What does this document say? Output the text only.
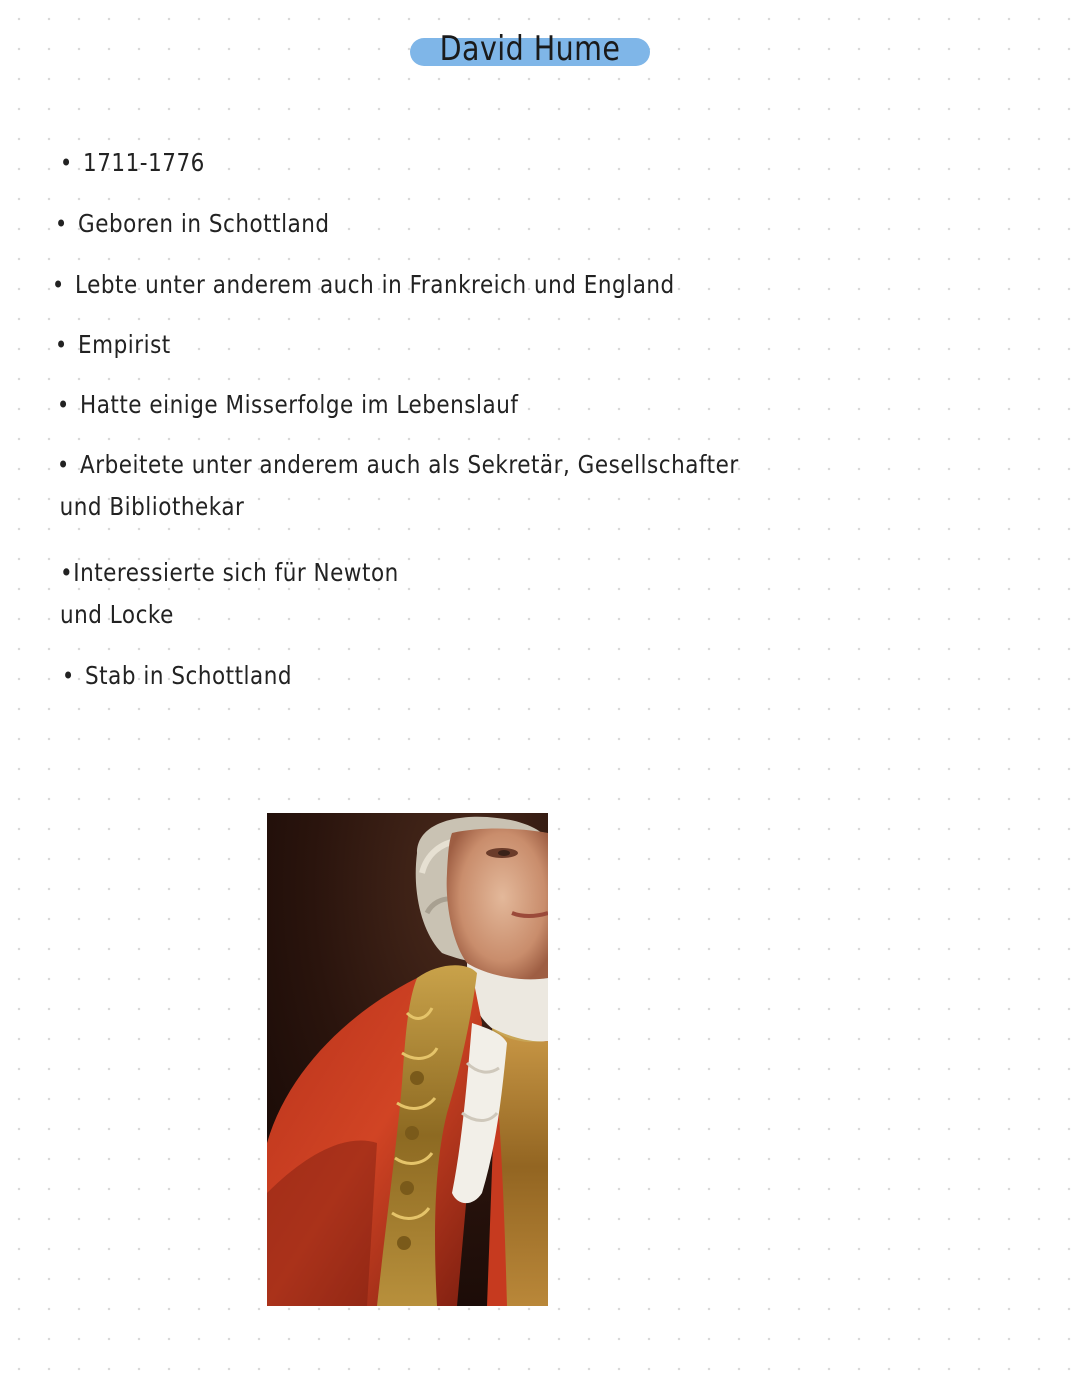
David Hume
• 1711-1776
• Geboren in Schottland
• Lebte unter anderem auch in Frankreich und England
• Empirist
• Hatte einige Misserfolge im Lebenslauf
• Arbeitete unter anderem auch als Sekretär, Gesellschafter
und Bibliothekar
•Interessierte sich für Newton
und Locke
• Stab in Schottland
